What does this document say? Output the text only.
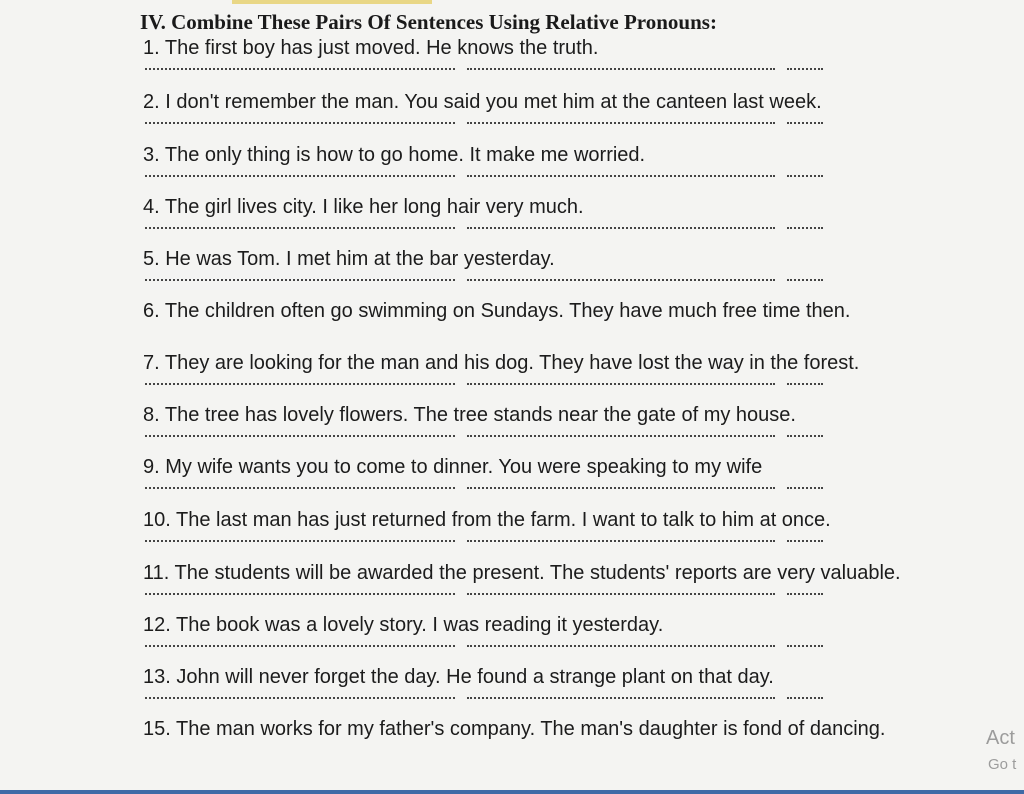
IV. Combine These Pairs Of Sentences Using Relative Pronouns:
1. The first boy has just moved. He knows the truth.
2. I don't remember the man. You said you met him at the canteen last week.
3. The only thing is how to go home. It make me worried.
4. The girl lives city. I like her long hair very much.
5. He was Tom. I met him at the bar yesterday.
6. The children often go swimming on Sundays. They have much free time then.
7. They are looking for the man and his dog. They have lost the way in the forest.
8. The tree has lovely flowers. The tree stands near the gate of my house.
9. My wife wants you to come to dinner. You were speaking to my wife
10. The last man has just returned from the farm. I want to talk to him at once.
11. The students will be awarded the present. The students' reports are very valuable.
12. The book was a lovely story. I was reading it yesterday.
13. John will never forget the day. He found a strange plant on that day.
15. The man works for my father's company. The man's daughter is fond of dancing.	Act
Go t
